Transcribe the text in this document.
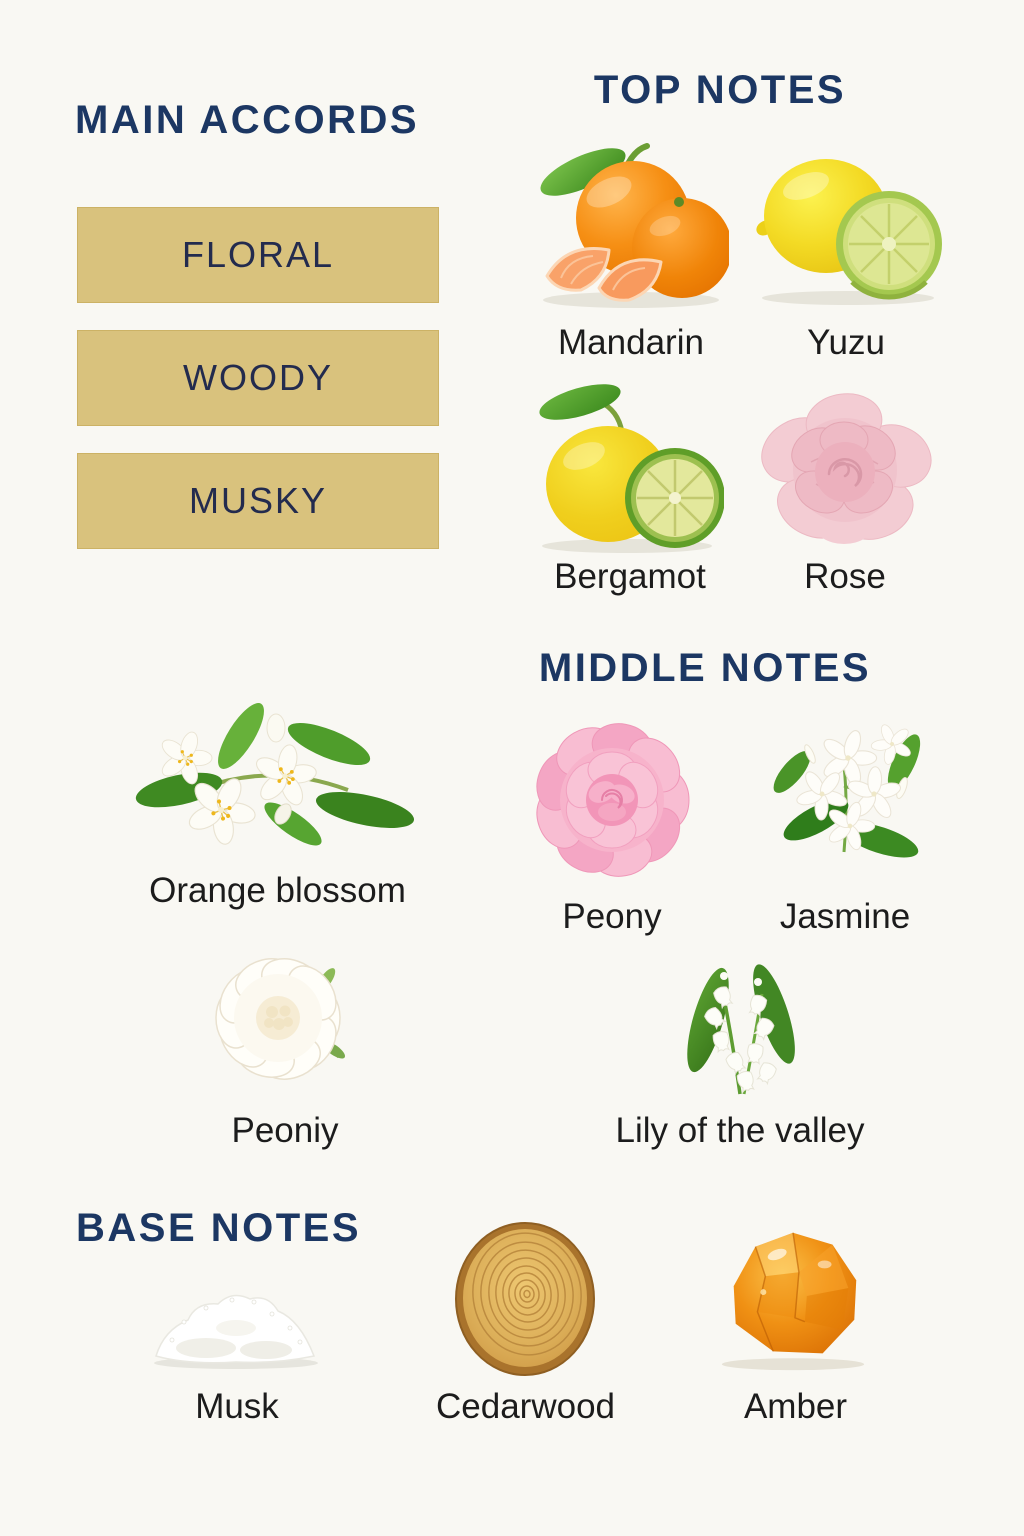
MAIN ACCORDS
FLORAL
WOODY
MUSKY
TOP NOTES
Mandarin	Yuzu
Bergamot	Rose
MIDDLE NOTES
Orange blossom
Peony	Jasmine
Peoniy	Lily of the valley
BASE NOTES
Musk	Cedarwood	Amber
